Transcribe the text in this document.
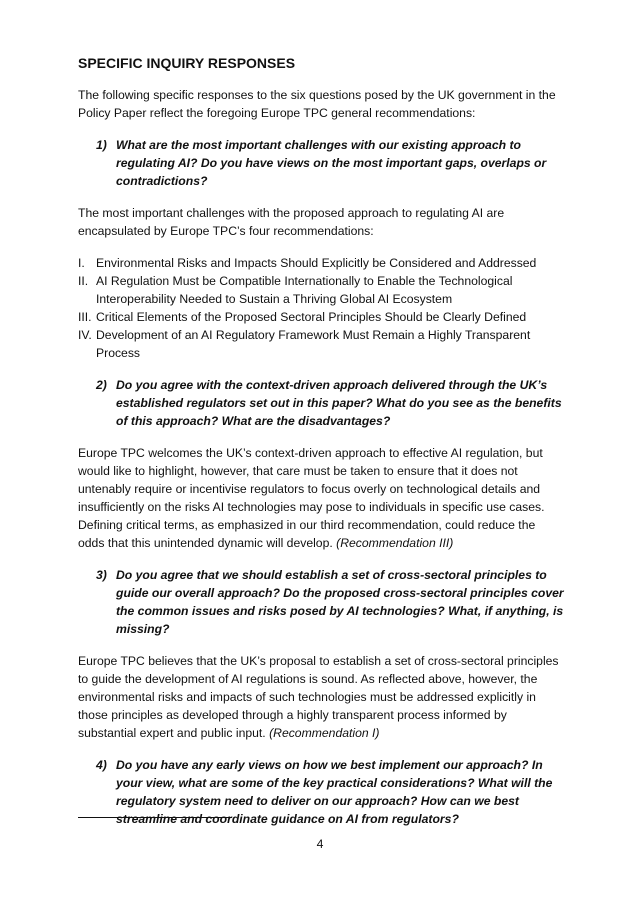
SPECIFIC INQUIRY RESPONSES

The following specific responses to the six questions posed by the UK government in the Policy Paper reflect the foregoing Europe TPC general recommendations:

1) What are the most important challenges with our existing approach to regulating AI? Do you have views on the most important gaps, overlaps or contradictions?

The most important challenges with the proposed approach to regulating AI are encapsulated by Europe TPC’s four recommendations:

I. Environmental Risks and Impacts Should Explicitly be Considered and Addressed
II. AI Regulation Must be Compatible Internationally to Enable the Technological Interoperability Needed to Sustain a Thriving Global AI Ecosystem
III. Critical Elements of the Proposed Sectoral Principles Should be Clearly Defined
IV. Development of an AI Regulatory Framework Must Remain a Highly Transparent Process
2) Do you agree with the context-driven approach delivered through the UK’s established regulators set out in this paper? What do you see as the benefits of this approach? What are the disadvantages?

Europe TPC welcomes the UK’s context-driven approach to effective AI regulation, but would like to highlight, however, that care must be taken to ensure that it does not untenably require or incentivise regulators to focus overly on technological details and insufficiently on the risks AI technologies may pose to individuals in specific use cases. Defining critical terms, as emphasized in our third recommendation, could reduce the odds that this unintended dynamic will develop. (Recommendation III)

3) Do you agree that we should establish a set of cross-sectoral principles to guide our overall approach? Do the proposed cross-sectoral principles cover the common issues and risks posed by AI technologies? What, if anything, is missing?

Europe TPC believes that the UK’s proposal to establish a set of cross-sectoral principles to guide the development of AI regulations is sound. As reflected above, however, the environmental risks and impacts of such technologies must be addressed explicitly in those principles as developed through a highly transparent process informed by substantial expert and public input. (Recommendation I)

4) Do you have any early views on how we best implement our approach? In your view, what are some of the key practical considerations? What will the regulatory system need to deliver on our approach? How can we best streamline and coordinate guidance on AI from regulators?
4
